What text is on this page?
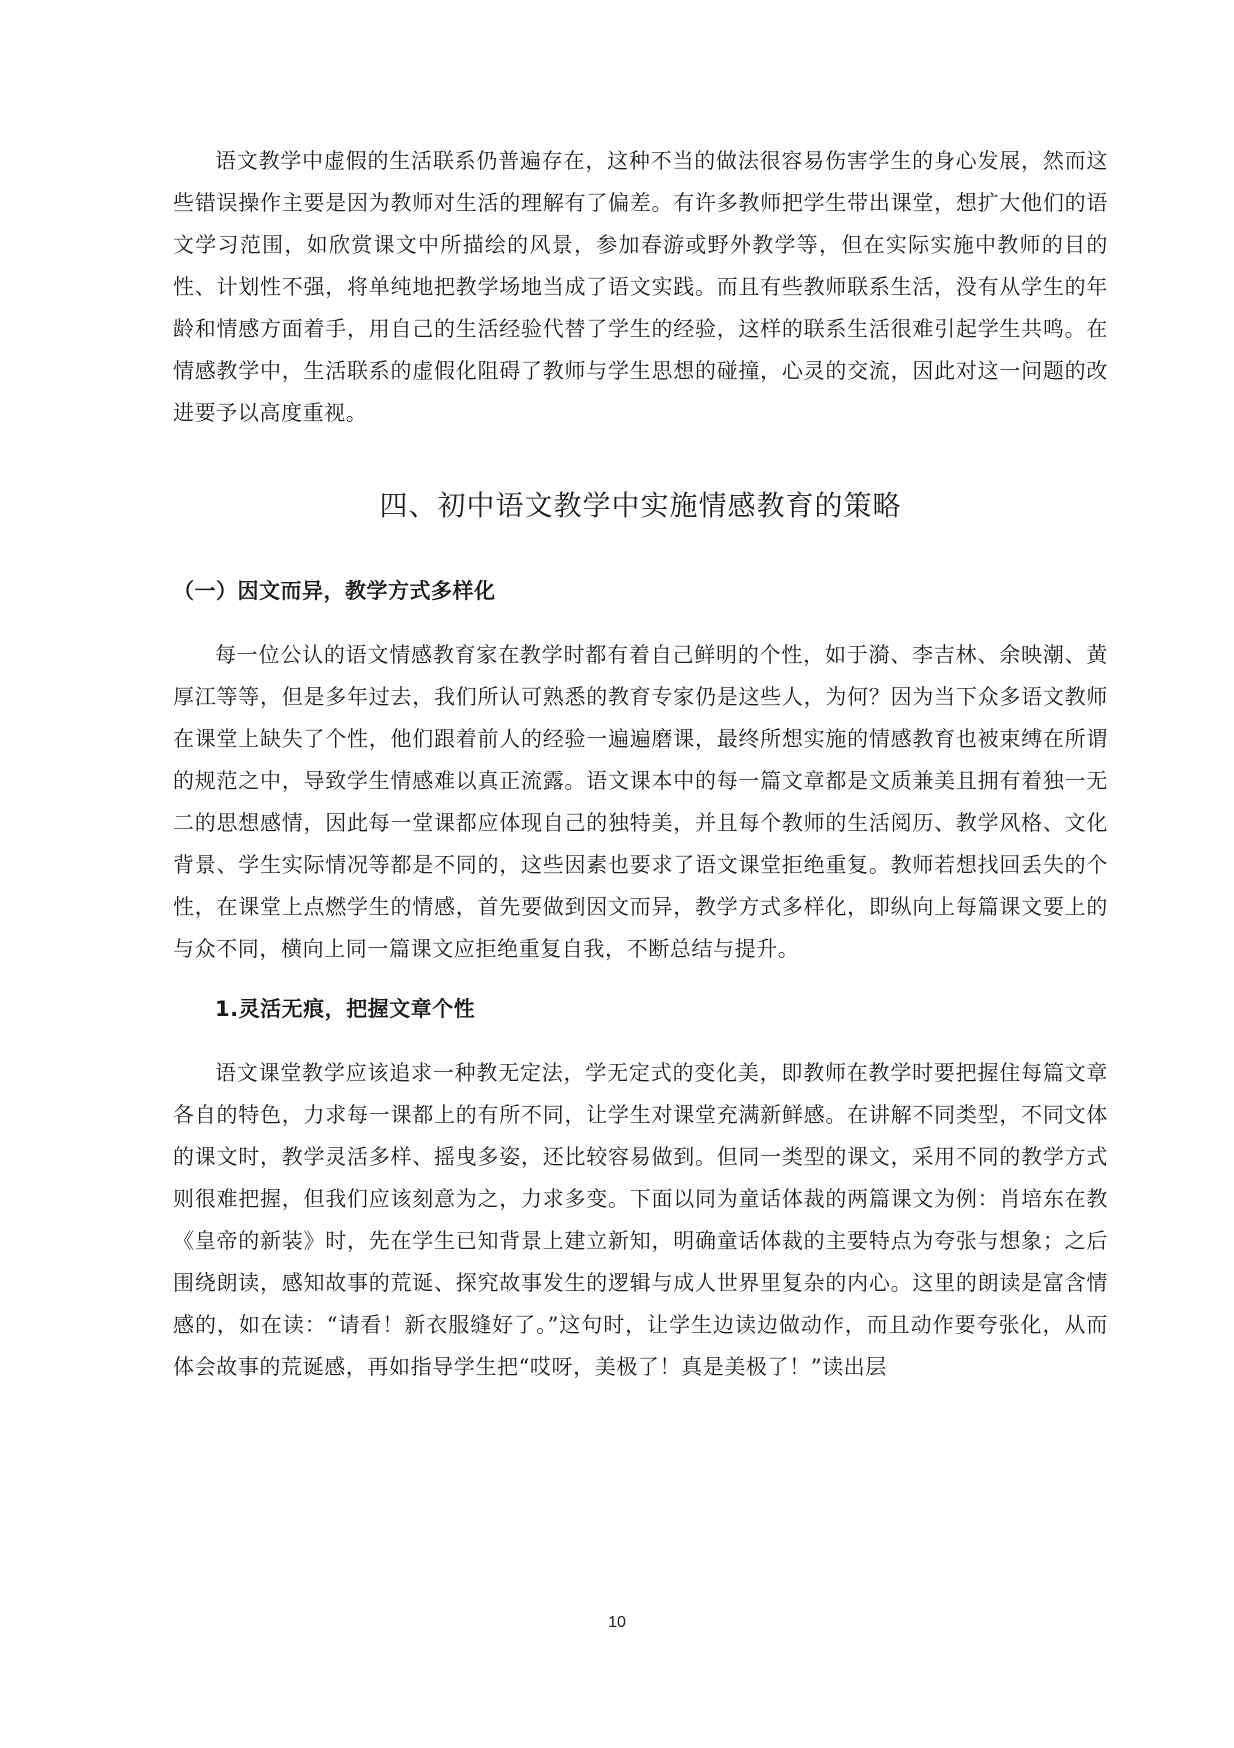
语文教学中虚假的生活联系仍普遍存在，这种不当的做法很容易伤害学生的身心发展，然而这些错误操作主要是因为教师对生活的理解有了偏差。有许多教师把学生带出课堂，想扩大他们的语文学习范围，如欣赏课文中所描绘的风景，参加春游或野外教学等，但在实际实施中教师的目的性、计划性不强，将单纯地把教学场地当成了语文实践。而且有些教师联系生活，没有从学生的年龄和情感方面着手，用自己的生活经验代替了学生的经验，这样的联系生活很难引起学生共鸣。在情感教学中，生活联系的虚假化阻碍了教师与学生思想的碰撞，心灵的交流，因此对这一问题的改进要予以高度重视。

四、初中语文教学中实施情感教育的策略
（一）因文而异，教学方式多样化

每一位公认的语文情感教育家在教学时都有着自己鲜明的个性，如于漪、李吉林、余映潮、黄厚江等等，但是多年过去，我们所认可熟悉的教育专家仍是这些人，为何？因为当下众多语文教师在课堂上缺失了个性，他们跟着前人的经验一遍遍磨课，最终所想实施的情感教育也被束缚在所谓的规范之中，导致学生情感难以真正流露。语文课本中的每一篇文章都是文质兼美且拥有着独一无二的思想感情，因此每一堂课都应体现自己的独特美，并且每个教师的生活阅历、教学风格、文化背景、学生实际情况等都是不同的，这些因素也要求了语文课堂拒绝重复。教师若想找回丢失的个性，在课堂上点燃学生的情感，首先要做到因文而异，教学方式多样化，即纵向上每篇课文要上的与众不同，横向上同一篇课文应拒绝重复自我，不断总结与提升。

1.灵活无痕，把握文章个性

语文课堂教学应该追求一种教无定法，学无定式的变化美，即教师在教学时要把握住每篇文章各自的特色，力求每一课都上的有所不同，让学生对课堂充满新鲜感。在讲解不同类型，不同文体的课文时，教学灵活多样、摇曳多姿，还比较容易做到。但同一类型的课文，采用不同的教学方式则很难把握，但我们应该刻意为之，力求多变。下面以同为童话体裁的两篇课文为例：肖培东在教《皇帝的新装》时，先在学生已知背景上建立新知，明确童话体裁的主要特点为夸张与想象；之后围绕朗读，感知故事的荒诞、探究故事发生的逻辑与成人世界里复杂的内心。这里的朗读是富含情感的，如在读：“请看！新衣服缝好了。”这句时，让学生边读边做动作，而且动作要夸张化，从而体会故事的荒诞感，再如指导学生把“哎呀，美极了！真是美极了！”读出层

10
